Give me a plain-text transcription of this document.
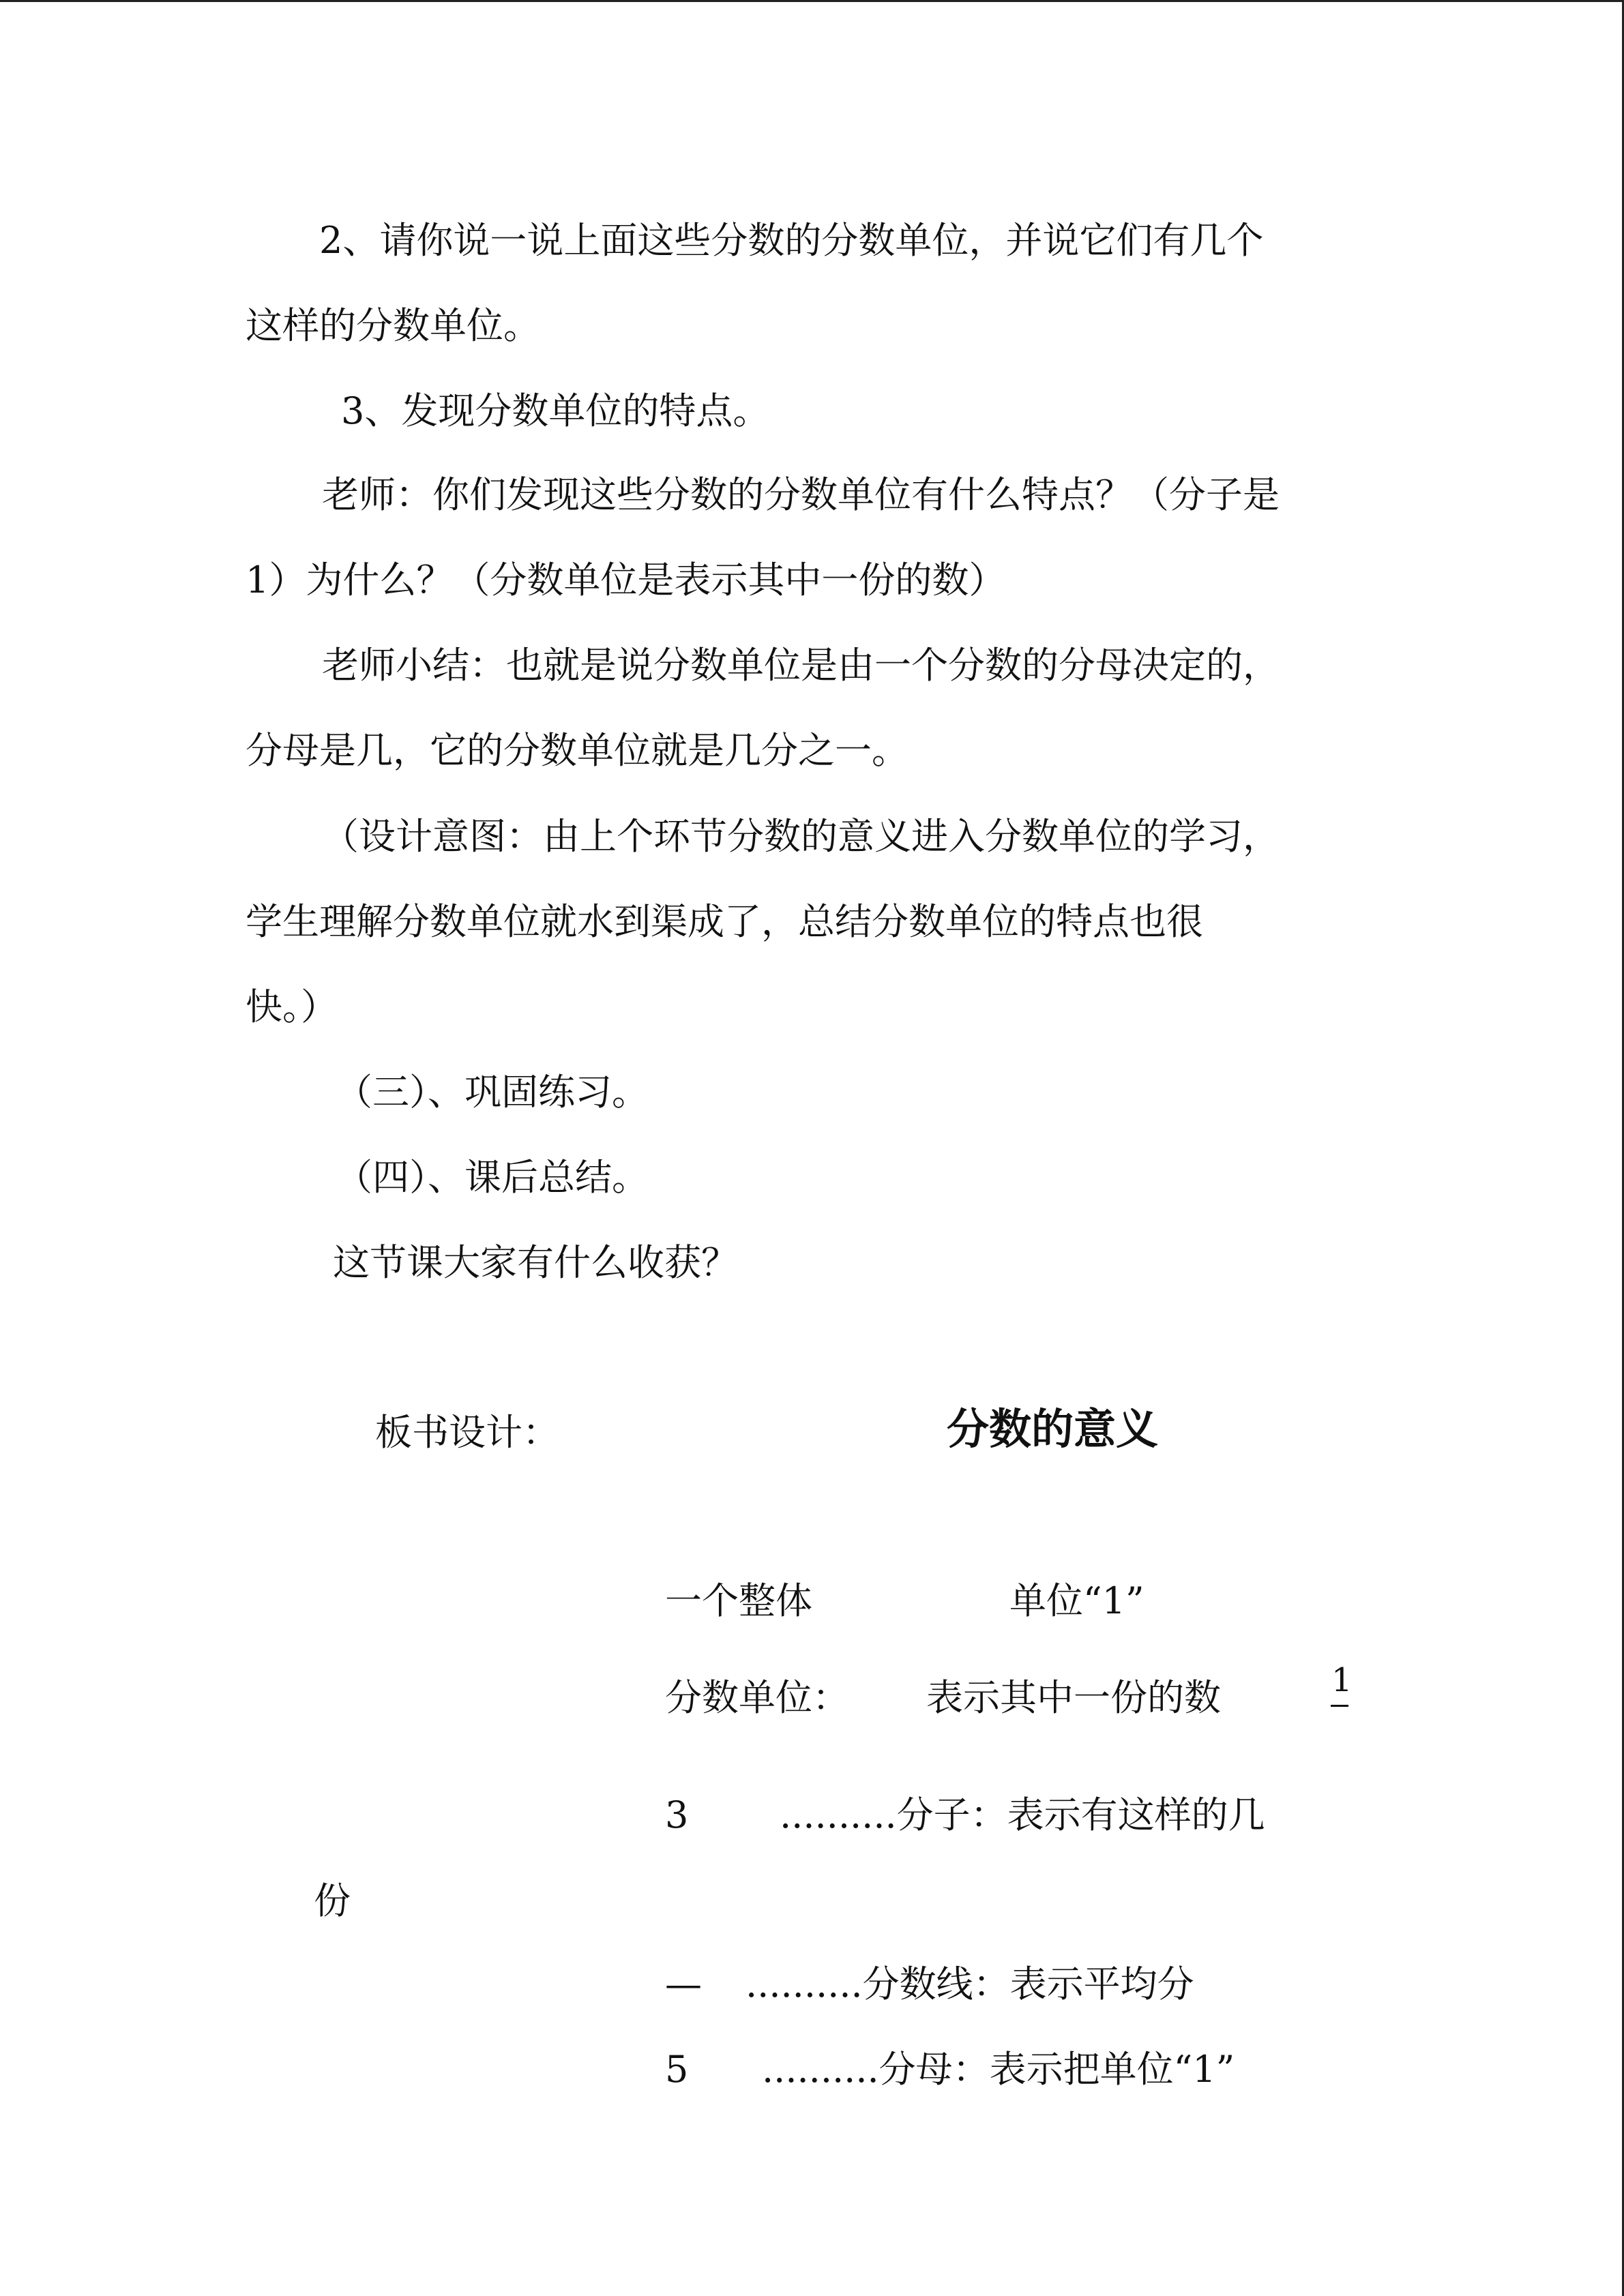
2、请你说一说上面这些分数的分数单位，并说它们有几个
这样的分数单位。
3、发现分数单位的特点。
老师：你们发现这些分数的分数单位有什么特点？（分子是
1）为什么？（分数单位是表示其中一份的数）
老师小结：也就是说分数单位是由一个分数的分母决定的，
分母是几，它的分数单位就是几分之一。
（设计意图：由上个环节分数的意义进入分数单位的学习，
学生理解分数单位就水到渠成了，总结分数单位的特点也很
快。）
（三）、巩固练习。
（四）、课后总结。
这节课大家有什么收获？
板书设计：	分数的意义
一个整体	单位“1”
分数单位： 表示其中一份的数	1
3 ..........分子：表示有这样的几
份
— ..........分数线：表示平均分
5 ..........分母：表示把单位“1”
